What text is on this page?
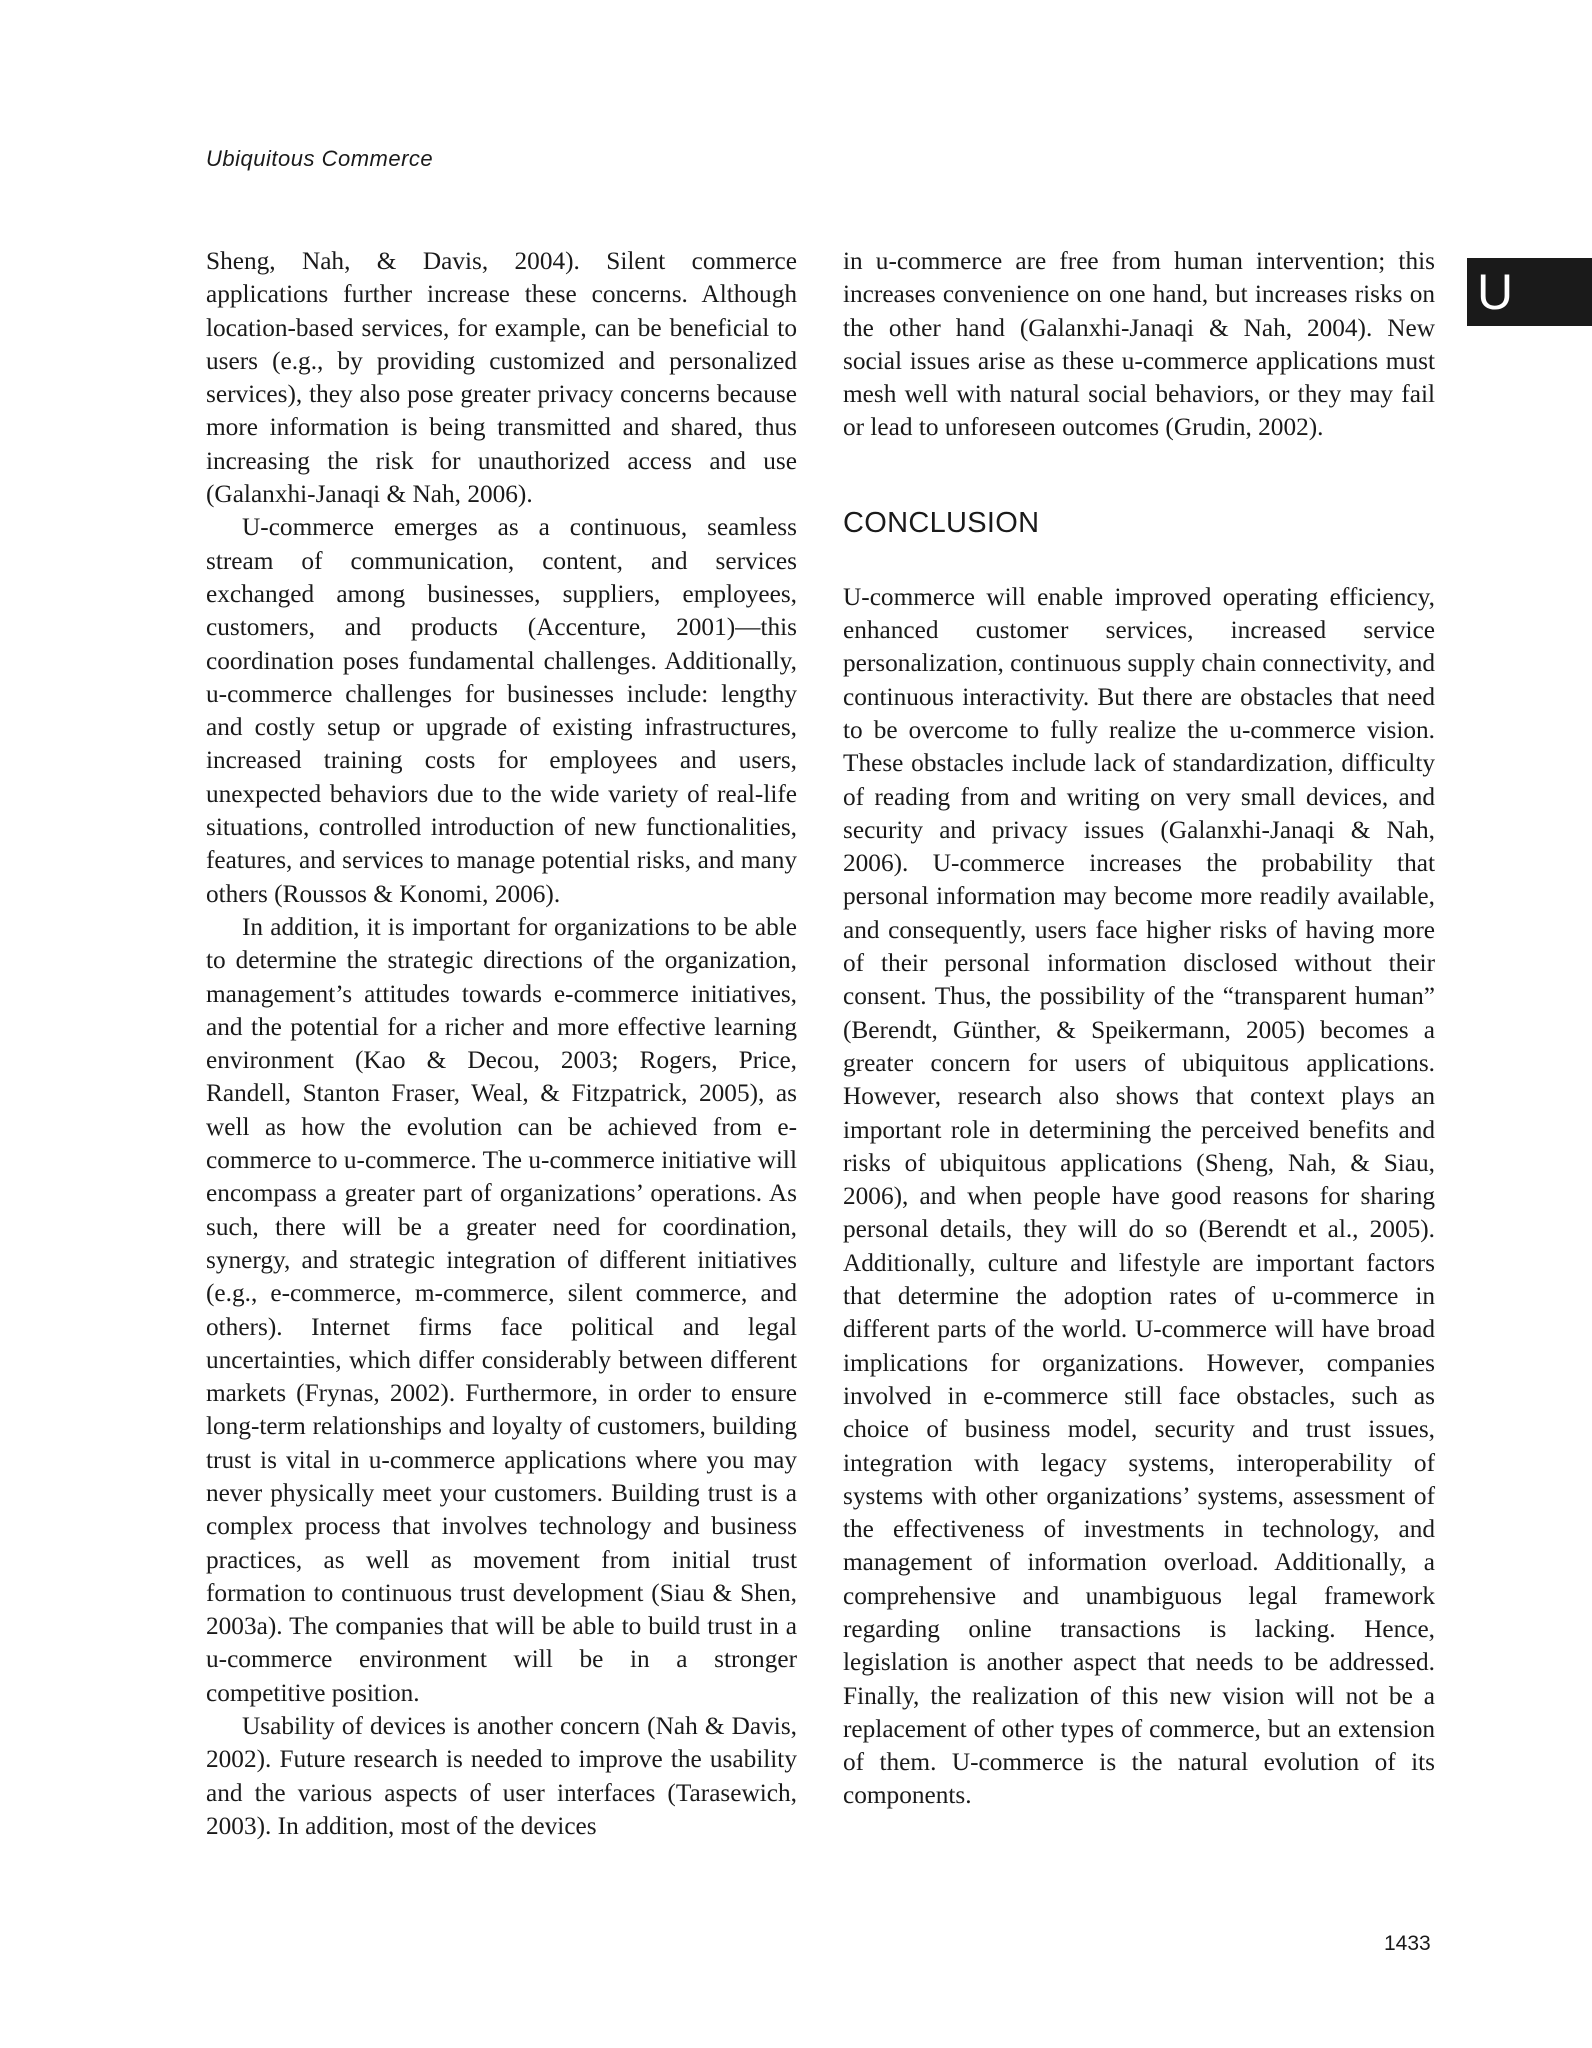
Ubiquitous Commerce
U

Sheng, Nah, & Davis, 2004). Silent commerce applications further increase these concerns. Although location-based services, for example, can be beneficial to users (e.g., by providing customized and personalized services), they also pose greater privacy concerns because more information is being transmitted and shared, thus increasing the risk for unauthorized access and use (Galanxhi-Janaqi & Nah, 2006).

U-commerce emerges as a continuous, seamless stream of communication, content, and services exchanged among businesses, suppliers, employees, customers, and products (Accenture, 2001)—this coordination poses fundamental challenges. Additionally, u-commerce challenges for businesses include: lengthy and costly setup or upgrade of existing infrastructures, increased training costs for employees and users, unexpected behaviors due to the wide variety of real-life situations, controlled introduction of new functionalities, features, and services to manage potential risks, and many others (Roussos & Konomi, 2006).

In addition, it is important for organizations to be able to determine the strategic directions of the organization, management’s attitudes towards e-commerce initiatives, and the potential for a richer and more effective learning environment (Kao & Decou, 2003; Rogers, Price, Randell, Stanton Fraser, Weal, & Fitzpatrick, 2005), as well as how the evolution can be achieved from e-commerce to u-commerce. The u-commerce initiative will encompass a greater part of organizations’ operations. As such, there will be a greater need for coordination, synergy, and strategic integration of different initiatives (e.g., e-commerce, m-commerce, silent commerce, and others). Internet firms face political and legal uncertainties, which differ considerably between different markets (Frynas, 2002). Furthermore, in order to ensure long-term relationships and loyalty of customers, building trust is vital in u-commerce applications where you may never physically meet your customers. Building trust is a complex process that involves technology and business practices, as well as movement from initial trust formation to continuous trust development (Siau & Shen, 2003a). The companies that will be able to build trust in a u-commerce environment will be in a stronger competitive position.

Usability of devices is another concern (Nah & Davis, 2002). Future research is needed to improve the usability and the various aspects of user interfaces (Tarasewich, 2003). In addition, most of the devices

in u-commerce are free from human intervention; this increases convenience on one hand, but increases risks on the other hand (Galanxhi-Janaqi & Nah, 2004). New social issues arise as these u-commerce applications must mesh well with natural social behaviors, or they may fail or lead to unforeseen outcomes (Grudin, 2002).

CONCLUSION

U-commerce will enable improved operating efficiency, enhanced customer services, increased service personalization, continuous supply chain connectivity, and continuous interactivity. But there are obstacles that need to be overcome to fully realize the u-commerce vision. These obstacles include lack of standardization, difficulty of reading from and writing on very small devices, and security and privacy issues (Galanxhi-Janaqi & Nah, 2006). U-commerce increases the probability that personal information may become more readily available, and consequently, users face higher risks of having more of their personal information disclosed without their consent. Thus, the possibility of the “transparent human” (Berendt, Günther, & Speikermann, 2005) becomes a greater concern for users of ubiquitous applications. However, research also shows that context plays an important role in determining the perceived benefits and risks of ubiquitous applications (Sheng, Nah, & Siau, 2006), and when people have good reasons for sharing personal details, they will do so (Berendt et al., 2005). Additionally, culture and lifestyle are important factors that determine the adoption rates of u-commerce in different parts of the world. U-commerce will have broad implications for organizations. However, companies involved in e-commerce still face obstacles, such as choice of business model, security and trust issues, integration with legacy systems, interoperability of systems with other organizations’ systems, assessment of the effectiveness of investments in technology, and management of information overload. Additionally, a comprehensive and unambiguous legal framework regarding online transactions is lacking. Hence, legislation is another aspect that needs to be addressed. Finally, the realization of this new vision will not be a replacement of other types of commerce, but an extension of them. U-commerce is the natural evolution of its components.

1433
